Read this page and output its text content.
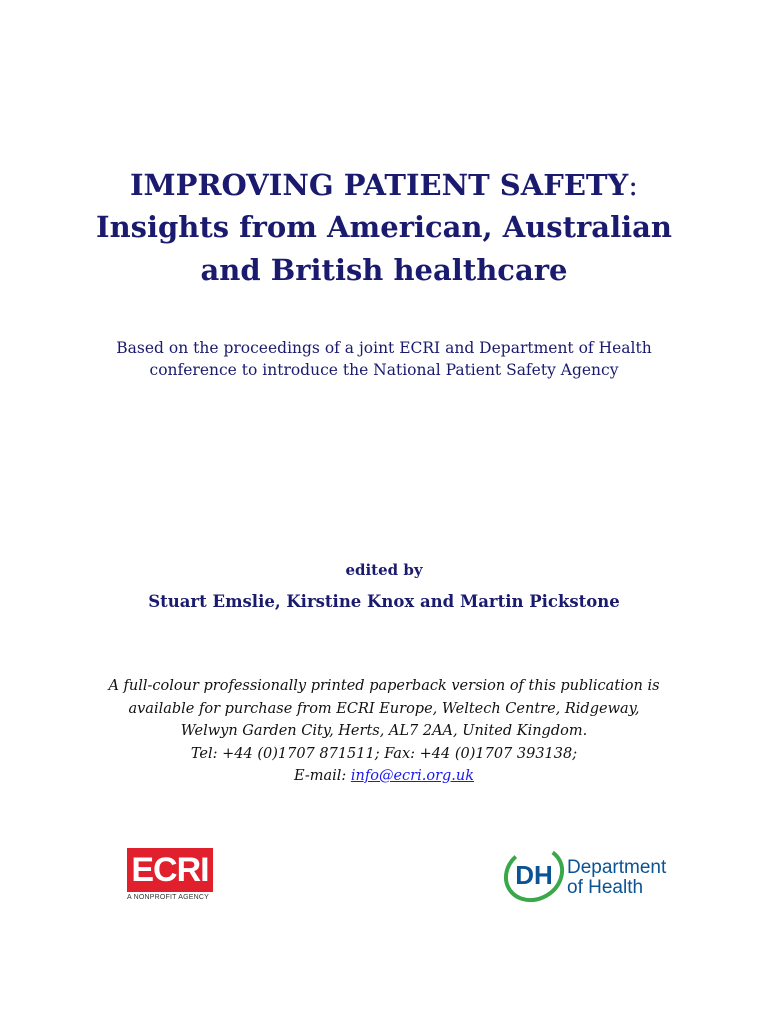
IMPROVING PATIENT SAFETY:
Insights from American, Australian
and British healthcare
Based on the proceedings of a joint ECRI and Department of Health
conference to introduce the National Patient Safety Agency
edited by
Stuart Emslie, Kirstine Knox and Martin Pickstone
A full-colour professionally printed paperback version of this publication is
available for purchase from ECRI Europe, Weltech Centre, Ridgeway,
Welwyn Garden City, Herts, AL7 2AA, United Kingdom.
Tel: +44 (0)1707 871511; Fax: +44 (0)1707 393138;
E-mail: info@ecri.org.uk
ECRI
A NONPROFIT AGENCY
DH Department
of Health
